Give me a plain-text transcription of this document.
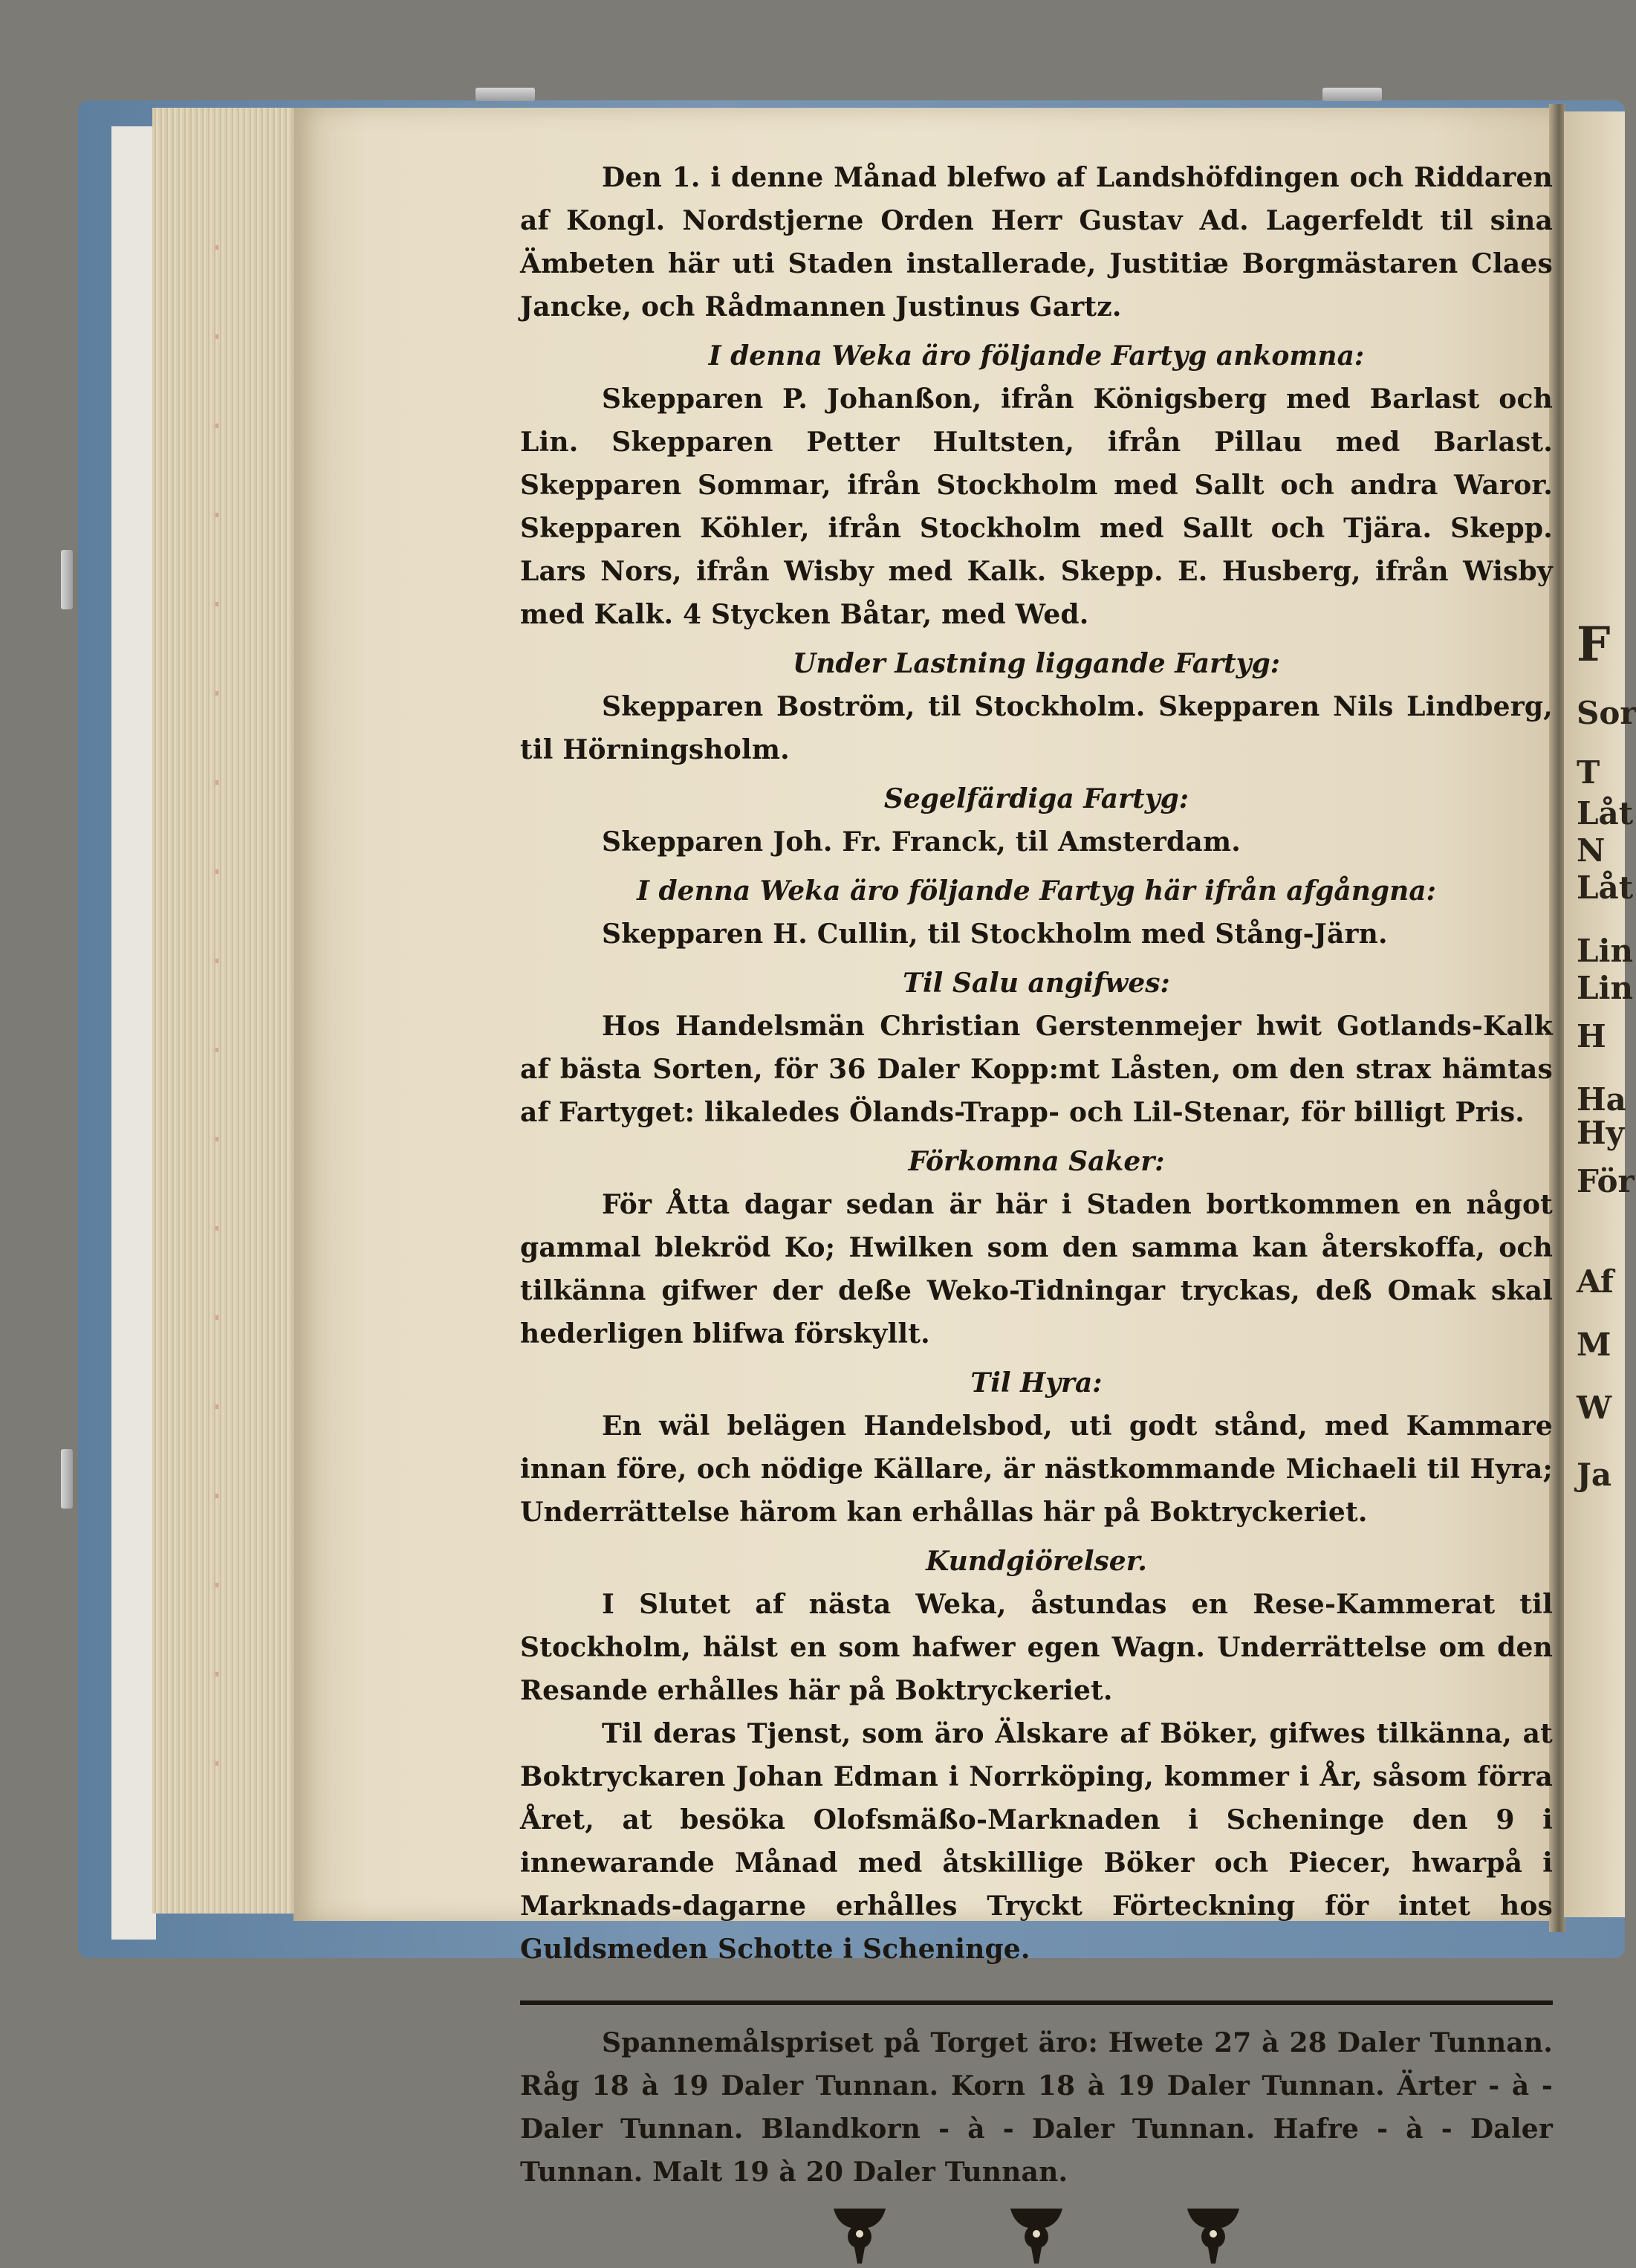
F
Sor
T
Låt
N
Låt
Lin
Lin
H
Ha
Hy
För
Af
M
W
Ja

Den 1. i denne Månad blefwo af Landshöfdingen och Riddaren af Kongl. Nordstjerne Orden Herr Gustav Ad. Lagerfeldt til sina Ämbeten här uti Staden installerade, Justitiæ Borgmästaren Claes Jancke, och Rådmannen Justinus Gartz.

I denna Weka äro följande Fartyg ankomna:

Skepparen P. Johanßon, ifrån Königsberg med Barlast och Lin. Skepparen Petter Hultsten, ifrån Pillau med Barlast. Skepparen Sommar, ifrån Stockholm med Sallt och andra Waror. Skepparen Köhler, ifrån Stockholm med Sallt och Tjära. Skepp. Lars Nors, ifrån Wisby med Kalk. Skepp. E. Husberg, ifrån Wisby med Kalk. 4 Stycken Båtar, med Wed.

Under Lastning liggande Fartyg:

Skepparen Boström, til Stockholm. Skepparen Nils Lindberg, til Hörningsholm.

Segelfärdiga Fartyg:

Skepparen Joh. Fr. Franck, til Amsterdam.

I denna Weka äro följande Fartyg här ifrån afgångna:

Skepparen H. Cullin, til Stockholm med Stång-Järn.

Til Salu angifwes:

Hos Handelsmän Christian Gerstenmejer hwit Gotlands-Kalk af bästa Sorten, för 36 Daler Kopp:mt Låsten, om den strax hämtas af Fartyget: likaledes Ölands-Trapp- och Lil-Stenar, för billigt Pris.

Förkomna Saker:

För Åtta dagar sedan är här i Staden bortkommen en något gammal blekröd Ko; Hwilken som den samma kan återskoffa, och tilkänna gifwer der deße Weko-Tidningar tryckas, deß Omak skal hederligen blifwa förskyllt.

Til Hyra:

En wäl belägen Handelsbod, uti godt stånd, med Kammare innan före, och nödige Källare, är nästkommande Michaeli til Hyra; Underrättelse härom kan erhållas här på Boktryckeriet.

Kundgiörelser.

I Slutet af nästa Weka, åstundas en Rese-Kammerat til Stockholm, hälst en som hafwer egen Wagn. Underrättelse om den Resande erhålles här på Boktryckeriet.

Til deras Tjenst, som äro Älskare af Böker, gifwes tilkänna, at Boktryckaren Johan Edman i Norrköping, kommer i År, såsom förra Året, at besöka Olofsmäßo-Marknaden i Scheninge den 9 i innewarande Månad med åtskillige Böker och Piecer, hwarpå i Marknads-dagarne erhålles Tryckt Förteckning för intet hos Guldsmeden Schotte i Scheninge.

Spannemålspriset på Torget äro: Hwete 27 à 28 Daler Tunnan. Råg 18 à 19 Daler Tunnan. Korn 18 à 19 Daler Tunnan. Ärter - à - Daler Tunnan. Blandkorn - à - Daler Tunnan. Hafre - à - Daler Tunnan. Malt 19 à 20 Daler Tunnan.
